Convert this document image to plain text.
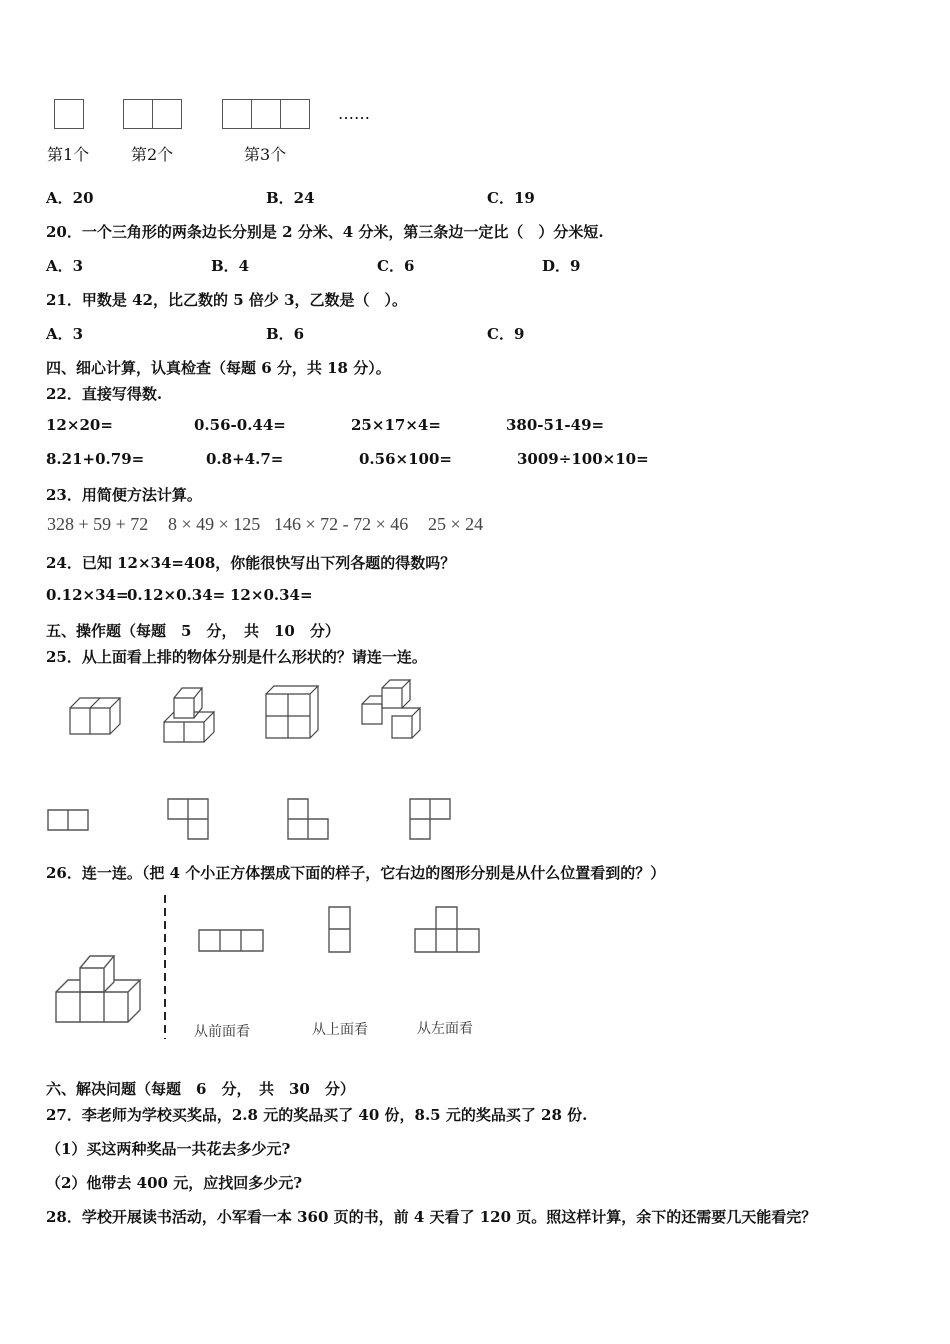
……
第1个	第2个	第3个
A．20	B．24	C．19
20．一个三角形的两条边长分别是 2 分米、4 分米，第三条边一定比（　）分米短.
A．3	B．4	C．6	D．9
21．甲数是 42，比乙数的 5 倍少 3，乙数是（　）。
A．3	B．6	C．9
四、细心计算，认真检查（每题 6 分，共 18 分）。
22．直接写得数.
12×20=	0.56-0.44=	25×17×4=	380-51-49=
8.21+0.79=	0.8+4.7=	0.56×100=	3009÷100×10=
23．用简便方法计算。
328 + 59 + 72 8 × 49 × 125 146 × 72 - 72 × 46 25 × 24
24．已知 12×34=408，你能很快写出下列各题的得数吗？
0.12×34=
0.12×0.34= 12×0.34=
五、操作题（每题　5　分，　共　10　分）
25．从上面看上排的物体分别是什么形状的？请连一连。
26．连一连。（把 4 个小正方体摆成下面的样子，它右边的图形分别是从什么位置看到的？）
从前面看	从上面看	从左面看
六、解决问题（每题　6　分，　共　30　分）
27．李老师为学校买奖品，2.8 元的奖品买了 40 份，8.5 元的奖品买了 28 份.
（1）买这两种奖品一共花去多少元?
（2）他带去 400 元，应找回多少元?
28．学校开展读书活动，小军看一本 360 页的书，前 4 天看了 120 页。照这样计算，余下的还需要几天能看完？
